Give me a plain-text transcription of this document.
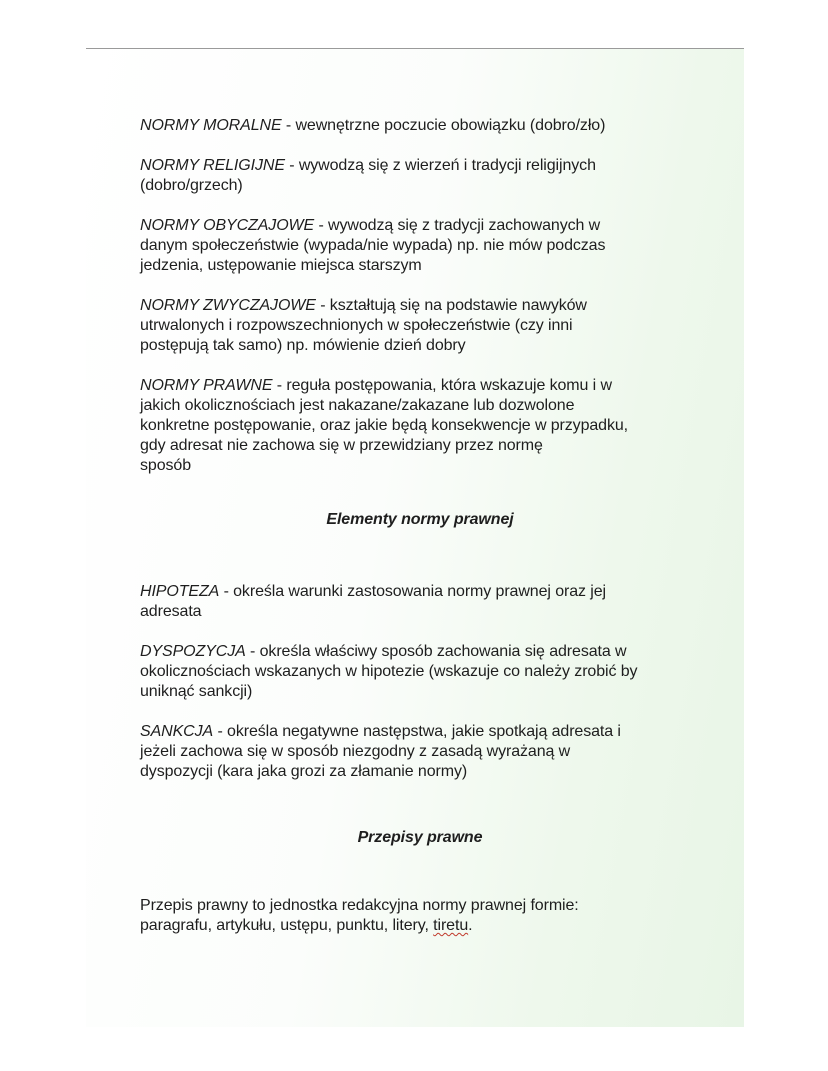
NORMY MORALNE - wewnętrzne poczucie obowiązku (dobro/zło)
NORMY RELIGIJNE - wywodzą się z wierzeń i tradycji religijnych
(dobro/grzech)
NORMY OBYCZAJOWE - wywodzą się z tradycji zachowanych w
danym społeczeństwie (wypada/nie wypada) np. nie mów podczas
jedzenia, ustępowanie miejsca starszym
NORMY ZWYCZAJOWE - kształtują się na podstawie nawyków
utrwalonych i rozpowszechnionych w społeczeństwie (czy inni
postępują tak samo) np. mówienie dzień dobry
NORMY PRAWNE - reguła postępowania, która wskazuje komu i w
jakich okolicznościach jest nakazane/zakazane lub dozwolone
konkretne postępowanie, oraz jakie będą konsekwencje w przypadku,
gdy adresat nie zachowa się w przewidziany przez normę
sposób

Elementy normy prawnej

HIPOTEZA - określa warunki zastosowania normy prawnej oraz jej
adresata
DYSPOZYCJA - określa właściwy sposób zachowania się adresata w
okolicznościach wskazanych w hipotezie (wskazuje co należy zrobić by
uniknąć sankcji)
SANKCJA - określa negatywne następstwa, jakie spotkają adresata i
jeżeli zachowa się w sposób niezgodny z zasadą wyrażaną w
dyspozycji (kara jaka grozi za złamanie normy)

Przepisy prawne

Przepis prawny to jednostka redakcyjna normy prawnej formie:
paragrafu, artykułu, ustępu, punktu, litery, tiretu.
